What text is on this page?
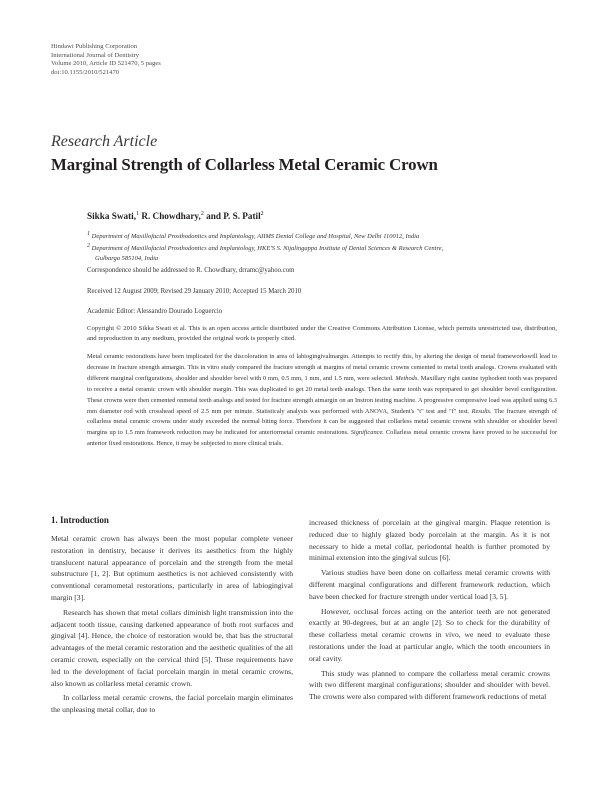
Hindawi Publishing Corporation
International Journal of Dentistry
Volume 2010, Article ID 521470, 5 pages
doi:10.1155/2010/521470
Research Article
Marginal Strength of Collarless Metal Ceramic Crown
Sikka Swati,$^1$ R. Chowdhary,$^2$ and P. S. Patil$^2$
$^1$ Department of Maxillofacial Prosthodontics and Implantology, AIIMS Dental College and Hospital, New Delhi 110012, India
$^2$ Department of Maxillofacial Prosthodontics and Implantology, HKE'S S. Nijalingappa Institute of Dental Sciences & Research Centre,
Gulbarga 585104, India
Correspondence should be addressed to R. Chowdhary, drramc@yahoo.com
Received 12 August 2009; Revised 29 January 2010; Accepted 15 March 2010
Academic Editor: Alessandro Dourado Loguercio
Copyright © 2010 Sikka Swati et al. This is an open access article distributed under the Creative Commons Attribution License, which permits unrestricted use, distribution, and reproduction in any medium, provided the original work is properly cited.
Metal ceramic restorations have been implicated for the discoloration in area of labiogingivalmargin. Attempts to rectify this, by altering the design of metal frameworkswill lead to decrease in fracture strength atmargin. This in vitro study compared the fracture strength at margins of metal ceramic crowns cemented to metal tooth analogs. Crowns evaluated with different marginal configurations, shoulder and shoulder bevel with 0 mm, 0.5 mm, 1 mm, and 1.5 mm, were selected. Methods. Maxillary right canine typhodont tooth was prepared to receive a metal ceramic crown with shoulder margin. This was duplicated to get 20 metal teeth analogs. Then the same tooth was reprepared to get shoulder bevel configuration. These crowns were then cemented onmetal teeth analogs and tested for fracture strength atmargin on an Instron testing machine. A progressive compressive load was applied using 6.3 mm diameter rod with crosshead speed of 2.5 mm per minute. Statisticaly analysis was performed with ANOVA, Student's "t" test and "f" test. Results. The fracture strength of collarless metal ceramic crowns under study exceeded the normal biting force. Therefore it can be suggested that collarless metal ceramic crowns with shoulder or shoulder bevel margins up to 1.5 mm framework reduction may be indicated for anteriormetal ceramic restorations. Significance. Collarless metal ceramic crowns have proved to be successful for anterior fixed restorations. Hence, it may be subjected to more clinical trials.
1. Introduction

Metal ceramic crown has always been the most popular complete veneer restoration in dentistry, because it derives its aesthetics from the highly translucent natural appearance of porcelain and the strength from the metal substructure [1, 2]. But optimum aesthetics is not achieved consistently with conventional ceramometal restorations, particularly in area of labiogingival margin [3].

Research has shown that metal collars diminish light transmission into the adjacent tooth tissue, causing darkened appearance of both root surfaces and gingival [4]. Hence, the choice of restoration would be, that has the structural advantages of the metal ceramic restoration and the aesthetic qualities of the all ceramic crown, especially on the cervical third [5]. These requirements have led to the development of facial porcelain margin in metal ceramic crowns, also known as collarless metal ceramic crown.

In collarless metal ceramic crowns, the facial porcelain margin eliminates the unpleasing metal collar, due to

increased thickness of porcelain at the gingival margin. Plaque retention is reduced due to highly glazed body porcelain at the margin. As it is not necessary to hide a metal collar, periodontal health is further promoted by minimal extension into the gingival sulcus [6].

Various studies have been done on collarless metal ceramic crowns with different marginal configurations and different framework reduction, which have been checked for fracture strength under vertical load [3, 5].

However, occlusal forces acting on the anterior teeth are not generated exactly at 90-degrees, but at an angle [2]. So to check for the durability of these collarless metal ceramic crowns in vivo, we need to evaluate these restorations under the load at particular angle, which the tooth encounters in oral cavity.

This study was planned to compare the collarless metal ceramic crowns with two different marginal configurations; shoulder and shoulder with bevel. The crowns were also compared with different framework reductions of metal
